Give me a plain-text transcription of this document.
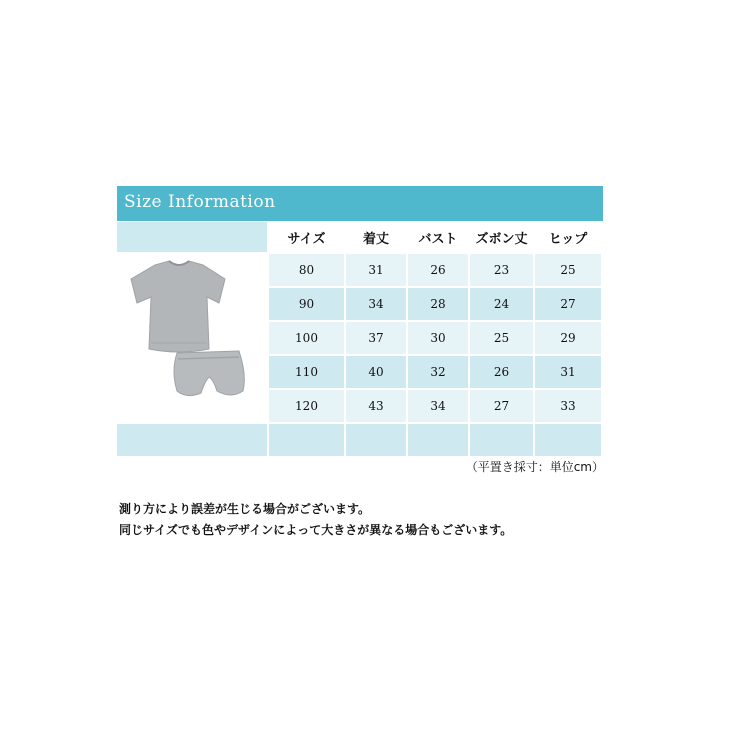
Size Information
	サイズ	着丈	バスト	ズボン丈	ヒップ
	80	31	26	23	25
	90	34	28	24	27
	100	37	30	25	29
	110	40	32	26	31
	120	43	34	27	33

（平置き採寸：単位cm）
測り方により誤差が生じる場合がございます。
同じサイズでも色やデザインによって大きさが異なる場合もございます。
